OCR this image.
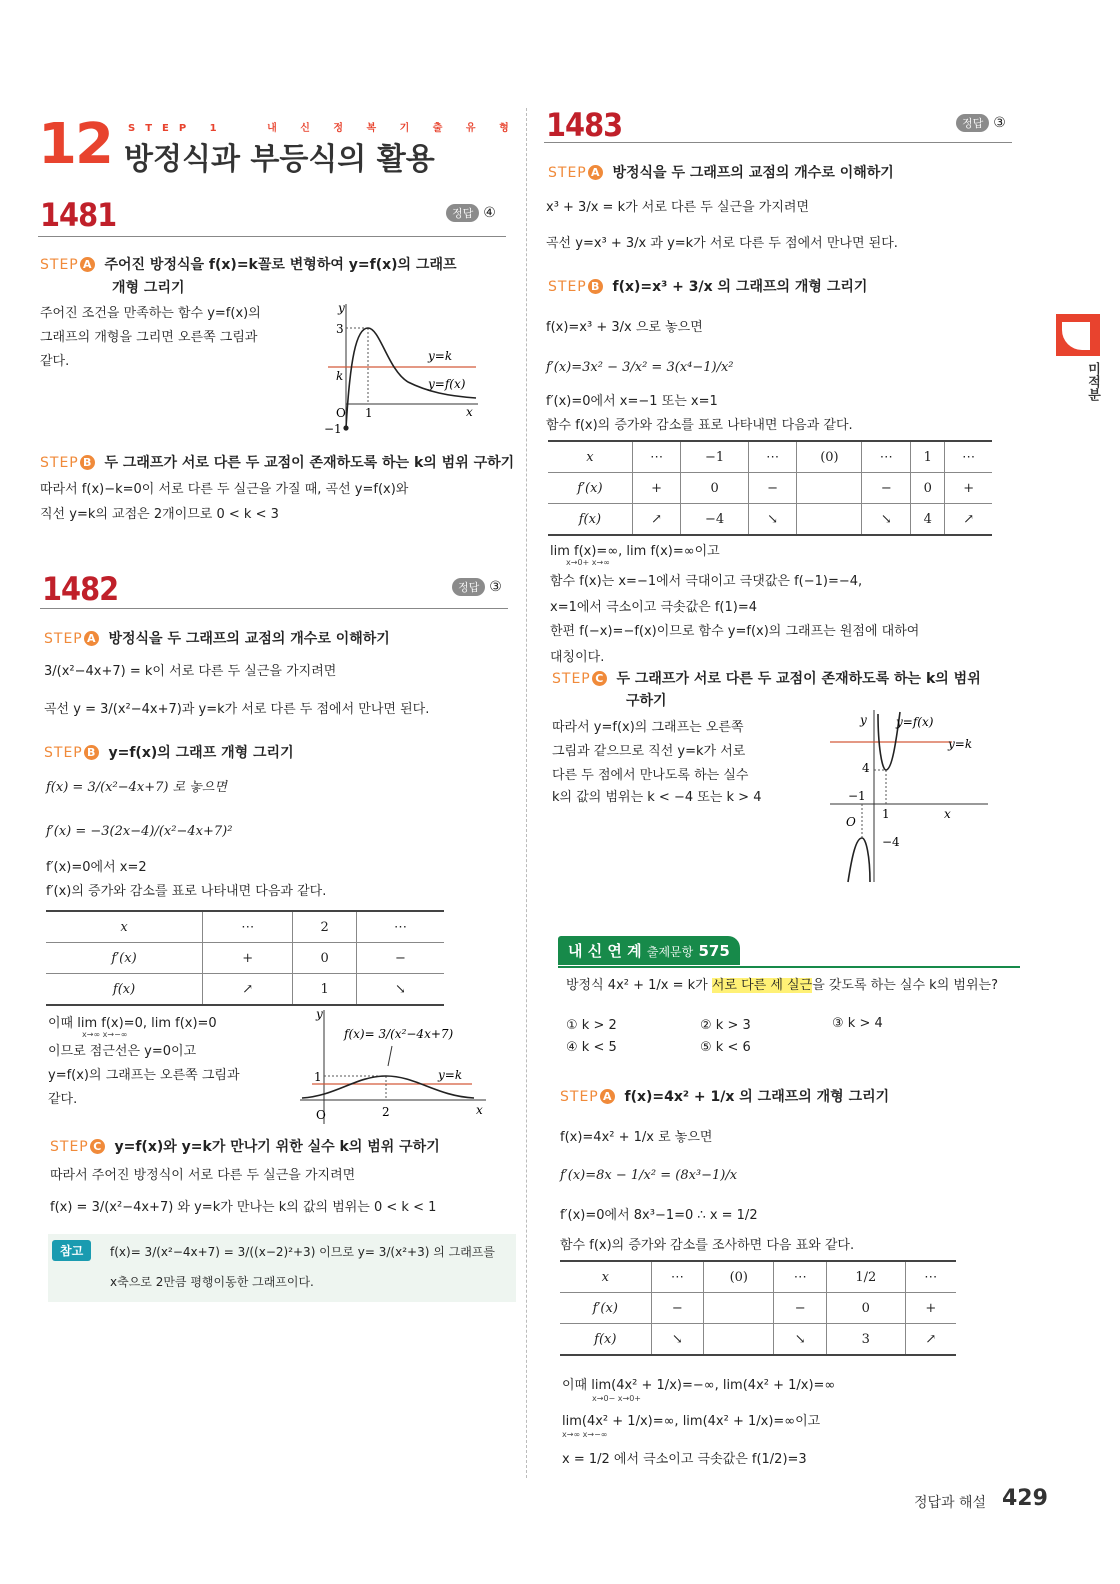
12 STEP 1	내 신 정 복 기 출 유 형
방정식과 부등식의 활용
1481	정답 ④
STEP A 주어진 방정식을 f(x)=k꼴로 변형하여 y=f(x)의 그래프
개형 그리기
주어진 조건을 만족하는 함수 y=f(x)의
그래프의 개형을 그리면 오른쪽 그림과
같다.
y
x
3
k
O 1
−1
y=k
y=f(x)
STEP B 두 그래프가 서로 다른 두 교점이 존재하도록 하는 k의 범위 구하기
따라서 f(x)−k=0이 서로 다른 두 실근을 가질 때, 곡선 y=f(x)와
직선 y=k의 교점은 2개이므로 0 < k < 3
1482	정답 ③
STEP A 방정식을 두 그래프의 교점의 개수로 이해하기
3/(x²−4x+7) = k이 서로 다른 두 실근을 가지려면
곡선 y = 3/(x²−4x+7)과 y=k가 서로 다른 두 점에서 만나면 된다.
STEP B y=f(x)의 그래프 개형 그리기
f(x) = 3/(x²−4x+7) 로 놓으면
f′(x) = −3(2x−4)/(x²−4x+7)²
f′(x)=0에서 x=2
f′(x)의 증가와 감소를 표로 나타내면 다음과 같다.
x	⋯	2	⋯
f′(x)	+	0	−
f(x)	↗	1	↘
이때 lim f(x)=0, lim f(x)=0
x→∞ x→−∞
이므로 점근선은 y=0이고
y=f(x)의 그래프는 오른쪽 그림과
같다.
y
x
f(x)= 3/(x²−4x+7)
1
O	2
y=k
STEP C y=f(x)와 y=k가 만나기 위한 실수 k의 범위 구하기
따라서 주어진 방정식이 서로 다른 두 실근을 가지려면
f(x) = 3/(x²−4x+7) 와 y=k가 만나는 k의 값의 범위는 0 < k < 1
참고	f(x)= 3/(x²−4x+7) = 3/((x−2)²+3) 이므로 y= 3/(x²+3) 의 그래프를
x축으로 2만큼 평행이동한 그래프이다.
1483	정답 ③
STEP A 방정식을 두 그래프의 교점의 개수로 이해하기
x³ + 3/x = k가 서로 다른 두 실근을 가지려면
곡선 y=x³ + 3/x 과 y=k가 서로 다른 두 점에서 만나면 된다.
STEP B f(x)=x³ + 3/x 의 그래프의 개형 그리기
f(x)=x³ + 3/x 으로 놓으면
f′(x)=3x² − 3/x² = 3(x⁴−1)/x²
f′(x)=0에서 x=−1 또는 x=1
함수 f(x)의 증가와 감소를 표로 나타내면 다음과 같다.
x	⋯	−1	⋯	(0)	⋯	1	⋯
f′(x)	+	0	−		−	0	+
f(x)	↗	−4	↘		↘	4	↗
lim f(x)=∞, lim f(x)=∞이고
x→0+ x→∞
함수 f(x)는 x=−1에서 극대이고 극댓값은 f(−1)=−4,
x=1에서 극소이고 극솟값은 f(1)=4
한편 f(−x)=−f(x)이므로 함수 y=f(x)의 그래프는 원점에 대하여
대칭이다.
STEP C 두 그래프가 서로 다른 두 교점이 존재하도록 하는 k의 범위
구하기
따라서 y=f(x)의 그래프는 오른쪽
그림과 같으므로 직선 y=k가 서로
다른 두 점에서 만나도록 하는 실수
k의 값의 범위는 k < −4 또는 k > 4
y
x
y=f(x)
y=k
4
−1
1
O
−4
내 신 연 계 출제문항 575
방정식 4x² + 1/x = k가 서로 다른 세 실근을 갖도록 하는 실수 k의 범위는?
① k > 2	② k > 3	③ k > 4
④ k < 5	⑤ k < 6
STEP A f(x)=4x² + 1/x 의 그래프의 개형 그리기
f(x)=4x² + 1/x 로 놓으면
f′(x)=8x − 1/x² = (8x³−1)/x
f′(x)=0에서 8x³−1=0 ∴ x = 1/2
함수 f(x)의 증가와 감소를 조사하면 다음 표와 같다.
x	⋯	(0)	⋯	1/2	⋯
f′(x)	−		−	0	+
f(x)	↘		↘	3	↗
이때 lim(4x² + 1/x)=−∞, lim(4x² + 1/x)=∞
x→0− x→0+
lim(4x² + 1/x)=∞, lim(4x² + 1/x)=∞이고
x→∞ x→−∞
x = 1/2 에서 극소이고 극솟값은 f(1/2)=3
미적분
정답과 해설 429
